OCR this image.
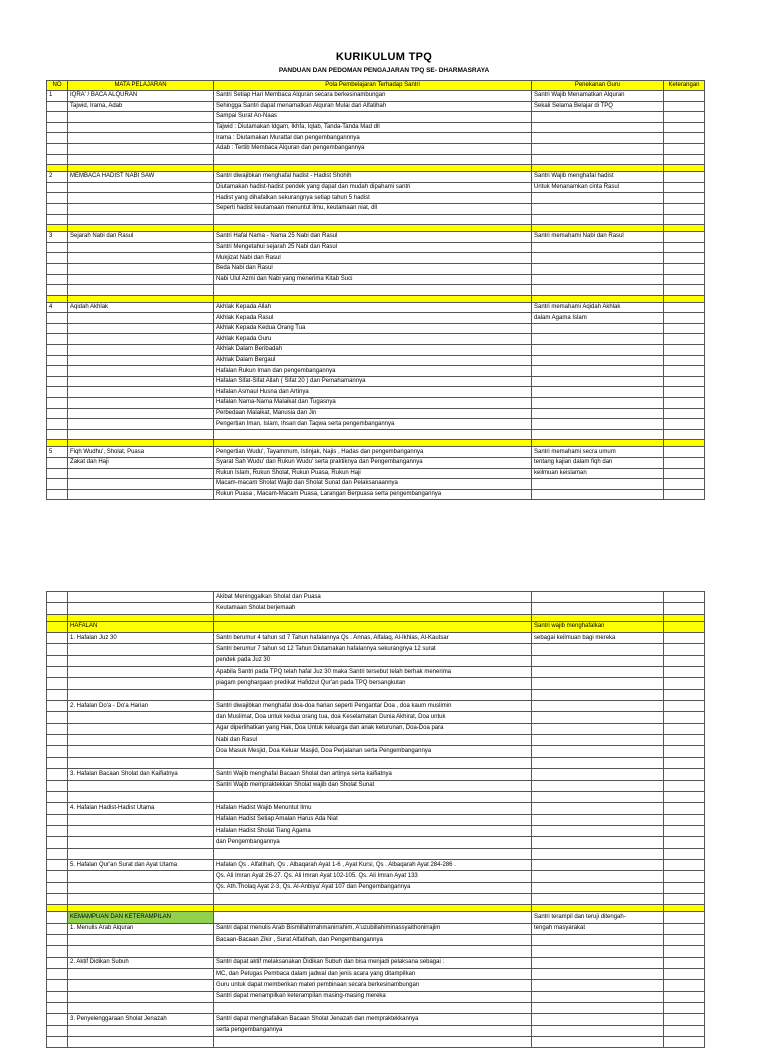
KURIKULUM TPQ
PANDUAN DAN PEDOMAN PENGAJARAN TPQ SE- DHARMASRAYA
NO	MATA PELAJARAN	Pola Pembelajaran Terhadap Santri	Penekanan Guru	Keterangan
1	IQRA' / BACA ALQURAN	Santri Setiap Hari Membaca Alquran secara berkesinambungan	Santri Wajib Menamatkan Alquran	
	Tajwid, Irama, Adab	Sehingga Santri dapat menamatkan Alquran Mulai dari Alfatihah	Sekali Selama Belajar di TPQ	
		Sampai Surat An-Naas		
		Tajwid : Diutamakan Idgam, Ikhfa, Iqlab, Tanda-Tanda Mad dll		
		Irama : Diutamakan Murattal dan pengembangannnya		
		Adab : Tertib Membaca Alquran dan pengembangannya		

2	MEMBACA HADIST NABI SAW	Santri diwajibkan menghafal hadist - Hadist Shohih	Santri Wajib menghafal hadist	
		Diutamakan hadist-hadist pendek yang dapat dan mudah dipahami santri	Untuk Menanamkan cinta Rasul	
		Hadist yang dihafalkan sekurangnya setiap tahun 5 hadist		
		Seperti hadist keutamaan menuntut ilmu, keutamaan niat, dll		

3	Sejarah Nabi dan Rasul	Santri Hafal Nama - Nama 25 Nabi dan Rasul	Santri memahami Nabi dan Rasul	
		Santri Mengetahui sejarah 25 Nabi dan Rasul		
		Mukjizat Nabi dan Rasul		
		Beda Nabi dan Rasul		
		Nabi Ulul Azmi dan Nabi yang menerima Kitab Suci		

4	Aqidah Akhlak	Akhlak Kepada Allah	Santri memahami Aqidah Akhlak	
		Akhlak Kepada Rasul	dalam Agama Islam	
		Akhlak Kepada Kedua Orang Tua		
		Akhlak Kepada Guru		
		Akhlak Dalam Beribadah		
		Akhlak Dalam Bergaul		
		Hafalan Rukun Iman dan pengembangannya		
		Hafalan Sifat-Sifat Allah ( Sifat 20 ) dan Pemahamannya		
		Hafalan Asmaul Husna dan Artinya		
		Hafalan Nama-Nama Malaikat dan Tugasnya		
		Perbedaan Malaikat, Manusia dan Jin		
		Pengertian Iman, Islam, Ihsan dan Taqwa serta pengembangannya		

5	Fiqh Wudhu', Sholat, Puasa	Pengertian Wudu', Tayammum, Istinjak, Najis , Hadas dan pengembangannya	Santri memahami secra umum	
	Zakat dan Haji	Syarat Sah Wudu' dan Rukun Wudu' serta praktiknya dan Pengembangannya	tentang kajian dalam fiqh dan	
		Rukun Islam, Rukun Sholat, Rukun Puasa, Rukun Haji	keilmuan keislaman	
		Macam-macam Sholat Wajib dan Sholat Sunat dan Pelaksanaannya		
		Rukun Puasa , Macam-Macam Puasa, Larangan Berpuasa serta pengembangannya		
		Akibat Meninggalkan Sholat dan Puasa		
		Keutamaan Sholat berjemaah		

	HAFALAN		Santri wajib menghafalkan	
	1. Hafalan Juz 30	Santri berumur 4 tahun sd 7 Tahun hafalannya Qs . Annas, Alfalaq, Al-Ikhlas, Al-Kautsar	sebagai keilmuan bagi mereka	
		Santri berumur 7 tahun sd 12 Tahun Diutamakan hafalannya sekurangnya 12 surat		
		pendek pada Juz 30		
		Apabila Santri pada TPQ telah hafal Juz 30 maka Santri tersebut telah berhak menerima		
		piagam penghargaan predikat Hafidzul Qur'an pada TPQ bersangkutan		

	2. Hafalan Do'a - Do'a Harian	Santri diwajibkan menghafal doa-doa harian seperti Pengantar Doa , doa kaum muslimin		
		dan Muslimat, Doa untuk kedua orang tua, doa Keselamatan Dunia Akhirat, Doa untuk		
		Agar diperlihatkan yang Hak, Doa Untuk keluarga dan anak keturunan, Doa-Doa para		
		Nabi dan Rasul		
		Doa Masuk Mesjid, Doa Keluar Masjid, Doa Perjalanan serta Pengembangannya		

	3. Hafalan Bacaan Sholat dan Kaifiatnya	Santri Wajib menghafal Bacaan Sholat dan artinya serta kaifiatnya		
		Santri Wajib mempraktekkan Sholat wajib dan Sholat Sunat		

	4. Hafalan Hadist-Hadist Utama	Hafalan Hadist Wajib Menuntut Ilmu		
		Hafalan Hadist Setiap Amalan Harus Ada Niat		
		Hafalan Hadist Sholat Tiang Agama		
		dan Pengembangannya		

	5. Hafalan Qur'an Surat dan Ayat Utama	Hafalan Qs . Alfatihah, Qs . Albaqarah Ayat 1-6 , Ayat Kursi, Qs . Albaqarah Ayat 284-286 .		
		Qs. Ali Imran Ayat 26-27. Qs. Ali Imran Ayat 102-105. Qs. Ali Imran Ayat 133		
		Qs. Ath.Tholaq Ayat 2-3, Qs. Al-Anbiya' Ayat 107 dan Pengembangannya		

	KEMAMPUAN DAN KETERAMPILAN		Santri terampil dan teruji ditengah-	
	1. Menulis Arab Alquran	Santri dapat menulis Arab Bismillahirrahmanirrahim, A'uzubillahiminassyaithonirrajim	tengah masyarakat	
		Bacaan-Bacaan Zikir , Surat Alfatihah, dan Pengembangannya		

	2. Aktif Didikan Subuh	Santri dapat aktif melaksanakan Didikan Subuh dan bisa menjadi pelaksana sebagai :		
		MC, dan Petugas Pembaca dalam jadwal dan jenis acara yang ditampilkan		
		Guru untuk dapat memberikan materi pembinaan secara berkesinambungan		
		Santri dapat menampilkan keterampilan masing-masing mereka		

	3. Penyelenggaraan Sholat Jenazah	Santri dapat menghafalkan Bacaan Sholat Jenazah dan mempraktekkannya		
		serta pengembangannya		
